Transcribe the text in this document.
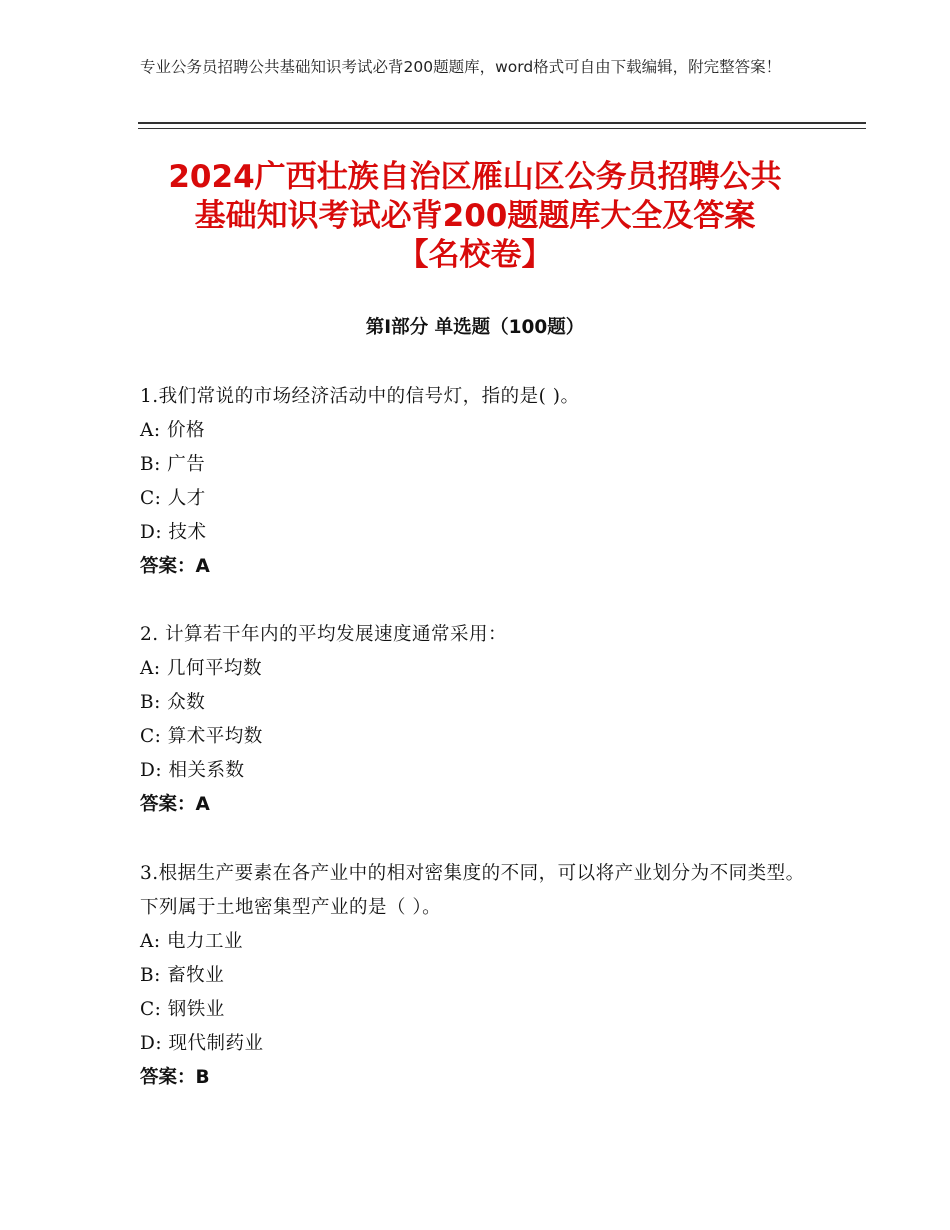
专业公务员招聘公共基础知识考试必背200题题库，word格式可自由下载编辑，附完整答案！
2024广西壮族自治区雁山区公务员招聘公共
基础知识考试必背200题题库大全及答案
【名校卷】
第Ⅰ部分 单选题（100题）
1.我们常说的市场经济活动中的信号灯，指的是( )。
A: 价格
B: 广告
C: 人才
D: 技术
答案：A
2. 计算若干年内的平均发展速度通常采用：
A: 几何平均数
B: 众数
C: 算术平均数
D: 相关系数
答案：A
3.根据生产要素在各产业中的相对密集度的不同，可以将产业划分为不同类型。下列属于土地密集型产业的是（ ）。
A: 电力工业
B: 畜牧业
C: 钢铁业
D: 现代制药业
答案：B
